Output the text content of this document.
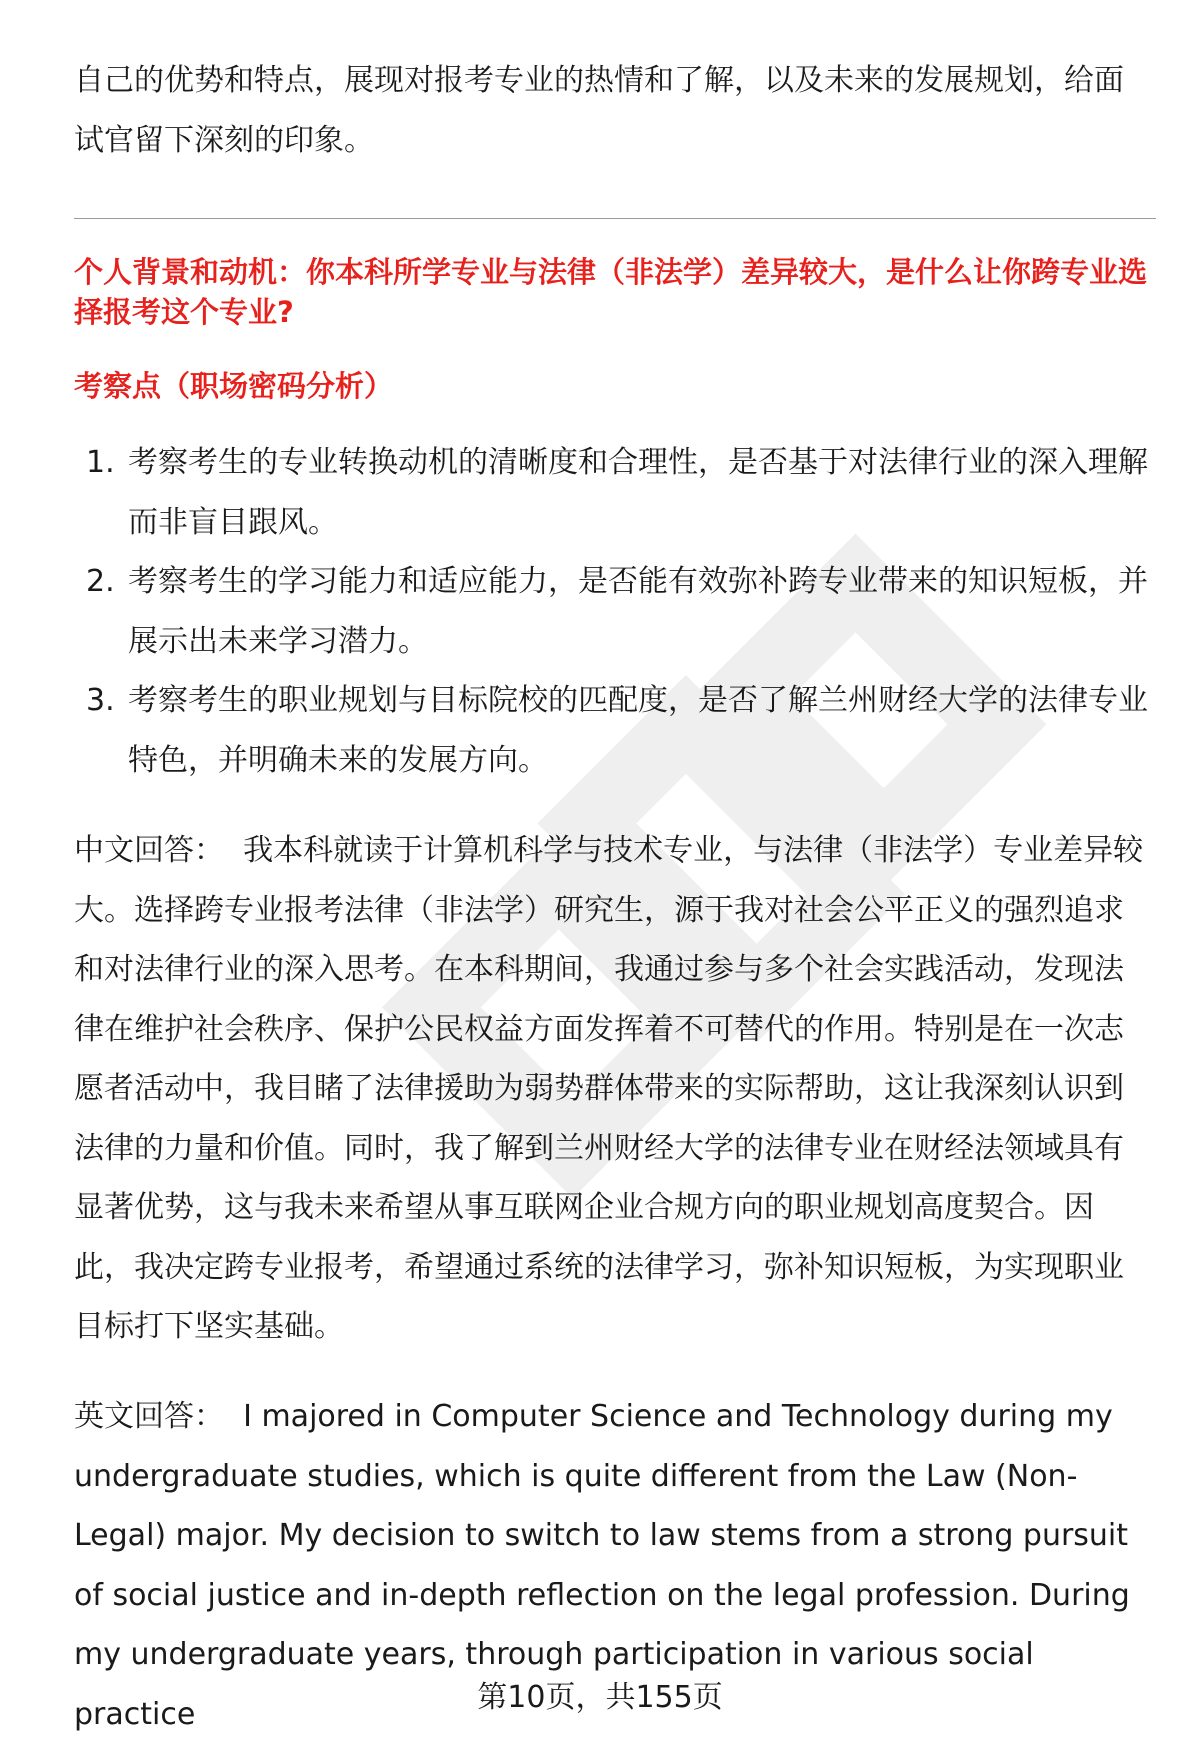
自己的优势和特点，展现对报考专业的热情和了解，以及未来的发展规划，给面试官留下深刻的印象。

个人背景和动机：你本科所学专业与法律（非法学）差异较大，是什么让你跨专业选择报考这个专业?

考察点（职场密码分析）

1. 考察考生的专业转换动机的清晰度和合理性，是否基于对法律行业的深入理解而非盲目跟风。
2. 考察考生的学习能力和适应能力，是否能有效弥补跨专业带来的知识短板，并展示出未来学习潜力。
3. 考察考生的职业规划与目标院校的匹配度，是否了解兰州财经大学的法律专业特色，并明确未来的发展方向。

中文回答： 我本科就读于计算机科学与技术专业，与法律（非法学）专业差异较大。选择跨专业报考法律（非法学）研究生，源于我对社会公平正义的强烈追求和对法律行业的深入思考。在本科期间，我通过参与多个社会实践活动，发现法律在维护社会秩序、保护公民权益方面发挥着不可替代的作用。特别是在一次志愿者活动中，我目睹了法律援助为弱势群体带来的实际帮助，这让我深刻认识到法律的力量和价值。同时，我了解到兰州财经大学的法律专业在财经法领域具有显著优势，这与我未来希望从事互联网企业合规方向的职业规划高度契合。因此，我决定跨专业报考，希望通过系统的法律学习，弥补知识短板，为实现职业目标打下坚实基础。

英文回答： I majored in Computer Science and Technology during my undergraduate studies, which is quite different from the Law (Non-Legal) major. My decision to switch to law stems from a strong pursuit of social justice and in-depth reflection on the legal profession. During my undergraduate years, through participation in various social practice	第10页，共155页
